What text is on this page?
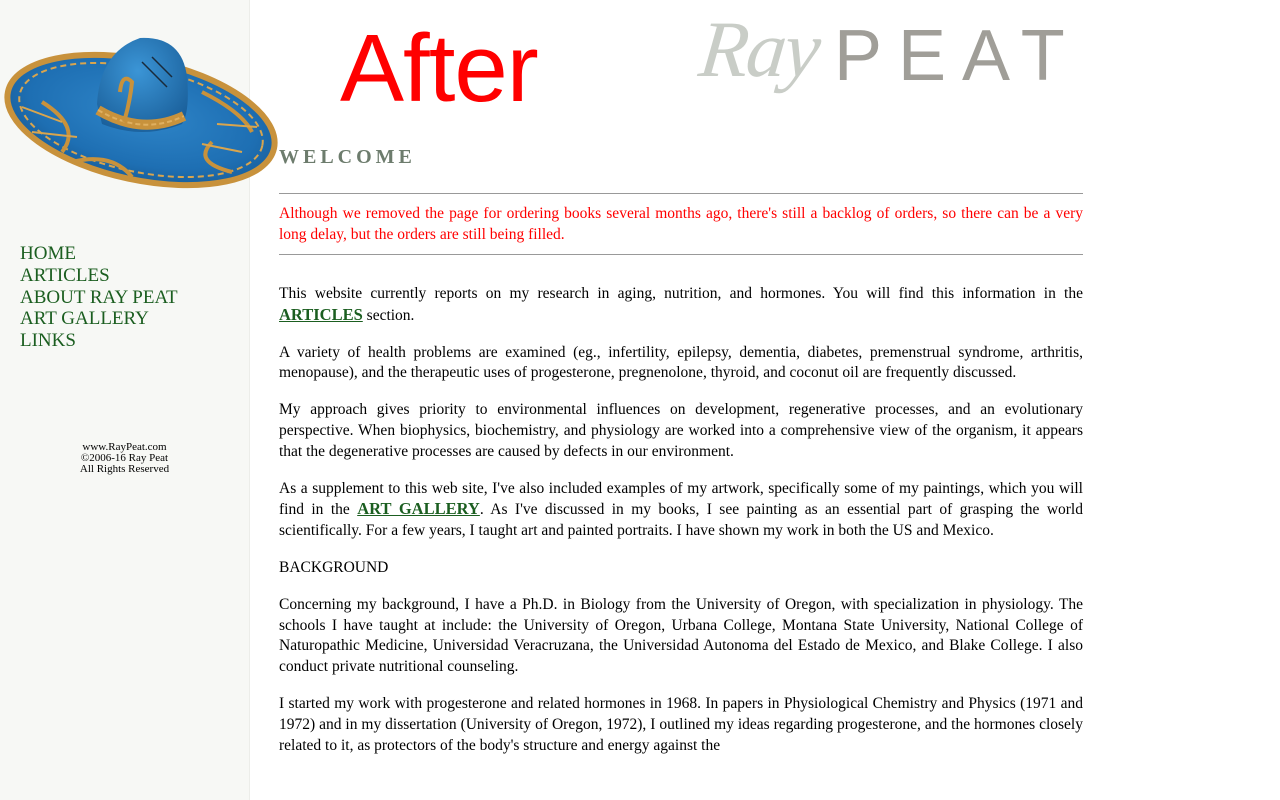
HOME
ARTICLES
ABOUT RAY PEAT
ART GALLERY
LINKS
www.RayPeat.com
©2006-16 Ray Peat
All Rights Reserved
After Ray PEAT
WELCOME

Although we removed the page for ordering books several months ago, there's still a backlog of orders, so there can be a very long delay, but the orders are still being filled.

This website currently reports on my research in aging, nutrition, and hormones. You will find this information in the ARTICLES section.

A variety of health problems are examined (eg., infertility, epilepsy, dementia, diabetes, premenstrual syndrome, arthritis, menopause), and the therapeutic uses of progesterone, pregnenolone, thyroid, and coconut oil are frequently discussed.

My approach gives priority to environmental influences on development, regenerative processes, and an evolutionary perspective. When biophysics, biochemistry, and physiology are worked into a comprehensive view of the organism, it appears that the degenerative processes are caused by defects in our environment.

As a supplement to this web site, I've also included examples of my artwork, specifically some of my paintings, which you will find in the ART GALLERY. As I've discussed in my books, I see painting as an essential part of grasping the world scientifically. For a few years, I taught art and painted portraits. I have shown my work in both the US and Mexico.

BACKGROUND

Concerning my background, I have a Ph.D. in Biology from the University of Oregon, with specialization in physiology. The schools I have taught at include: the University of Oregon, Urbana College, Montana State University, National College of Naturopathic Medicine, Universidad Veracruzana, the Universidad Autonoma del Estado de Mexico, and Blake College. I also conduct private nutritional counseling.

I started my work with progesterone and related hormones in 1968. In papers in Physiological Chemistry and Physics (1971 and 1972) and in my dissertation (University of Oregon, 1972), I outlined my ideas regarding progesterone, and the hormones closely related to it, as protectors of the body's structure and energy against the
